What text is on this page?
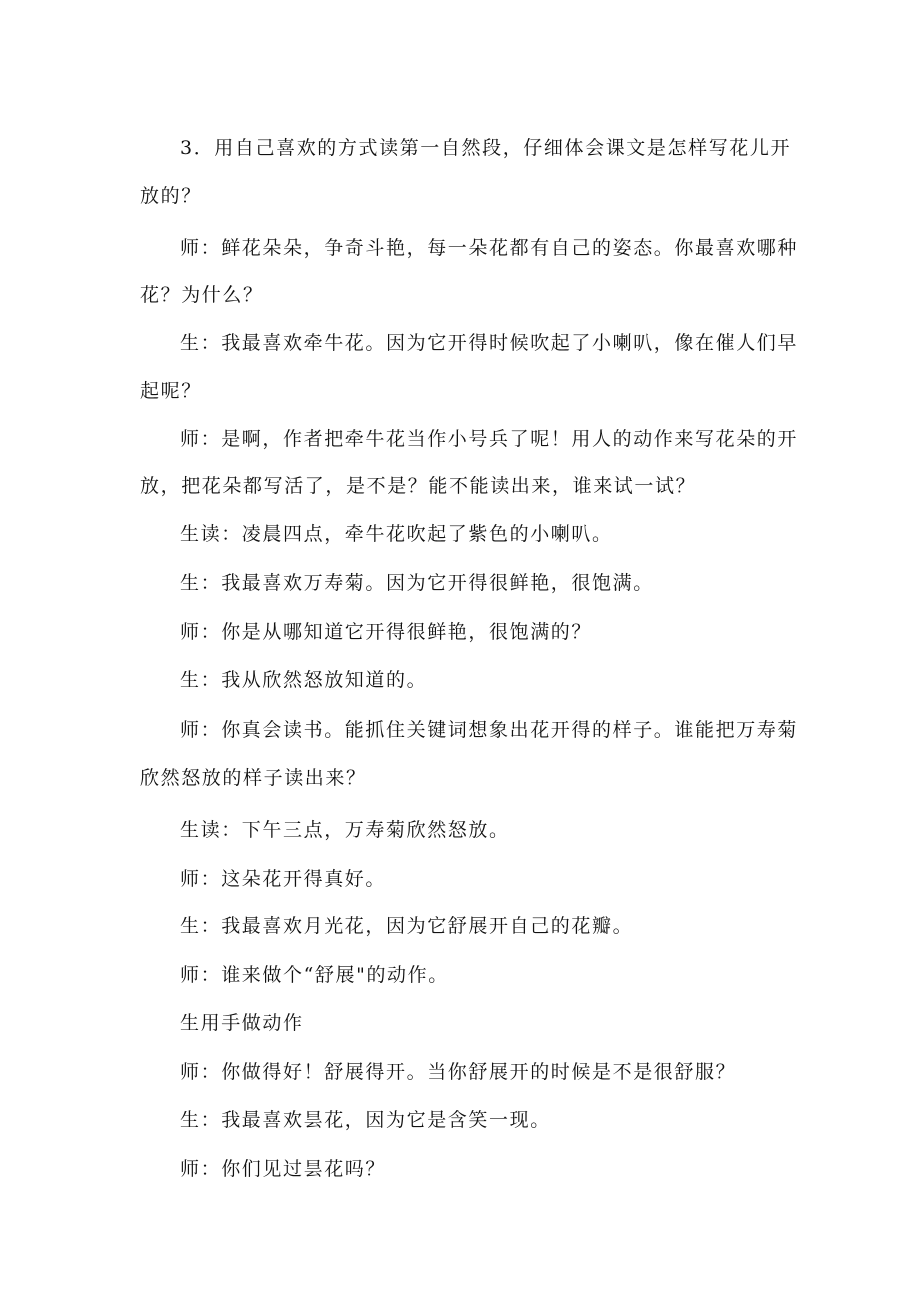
3．用自己喜欢的方式读第一自然段，仔细体会课文是怎样写花儿开
放的？
师：鲜花朵朵，争奇斗艳，每一朵花都有自己的姿态。你最喜欢哪种
花？为什么？
生：我最喜欢牵牛花。因为它开得时候吹起了小喇叭，像在催人们早
起呢？
师：是啊，作者把牵牛花当作小号兵了呢！用人的动作来写花朵的开
放，把花朵都写活了，是不是？能不能读出来，谁来试一试？
生读：凌晨四点，牵牛花吹起了紫色的小喇叭。
生：我最喜欢万寿菊。因为它开得很鲜艳，很饱满。
师：你是从哪知道它开得很鲜艳，很饱满的？
生：我从欣然怒放知道的。
师：你真会读书。能抓住关键词想象出花开得的样子。谁能把万寿菊
欣然怒放的样子读出来？
生读：下午三点，万寿菊欣然怒放。
师：这朵花开得真好。
生：我最喜欢月光花，因为它舒展开自己的花瓣。
师：谁来做个“舒展"的动作。
生用手做动作
师：你做得好！舒展得开。当你舒展开的时候是不是很舒服？
生：我最喜欢昙花，因为它是含笑一现。
师：你们见过昙花吗？
